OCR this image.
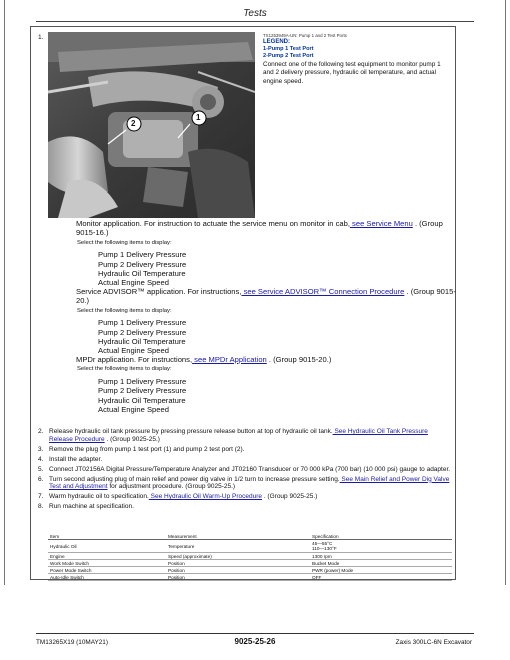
Tests
1.
2
1
TX1253949A-UN: Pump 1 and 2 Test Ports
LEGEND:
1-Pump 1 Test Port
2-Pump 2 Test Port
Connect one of the following test equipment to monitor pump 1 and 2 delivery pressure, hydraulic oil temperature, and actual engine speed.
Monitor application. For instruction to actuate the service menu on monitor in cab, see Service Menu . (Group 9015-16.)
Select the following items to display:
Pump 1 Delivery Pressure
Pump 2 Delivery Pressure
Hydraulic Oil Temperature
Actual Engine Speed
Service ADVISOR™ application. For instructions, see Service ADVISOR™ Connection Procedure . (Group 9015-20.)
Select the following items to display:
Pump 1 Delivery Pressure
Pump 2 Delivery Pressure
Hydraulic Oil Temperature
Actual Engine Speed
MPDr application. For instructions, see MPDr Application . (Group 9015-20.)
Select the following items to display:
Pump 1 Delivery Pressure
Pump 2 Delivery Pressure
Hydraulic Oil Temperature
Actual Engine Speed
2. Release hydraulic oil tank pressure by pressing pressure release button at top of hydraulic oil tank. See Hydraulic Oil Tank Pressure Release Procedure . (Group 9025-25.)
3. Remove the plug from pump 1 test port (1) and pump 2 test port (2).
4. Install the adapter.
5. Connect JT02156A Digital Pressure/Temperature Analyzer and JT02160 Transducer or 70 000 kPa (700 bar) (10 000 psi) gauge to adapter.
6. Turn second adjusting plug of main relief and power dig valve in 1/2 turn to increase pressure setting. See Main Relief and Power Dig Valve Test and Adjustment for adjustment procedure. (Group 9025-25.)
7. Warm hydraulic oil to specification. See Hydraulic Oil Warm-Up Procedure . (Group 9025-25.)
8. Run machine at specification.
Item	Measurement	Specification
Hydraulic Oil	Temperature	45—55°C
110—130°F
Engine	Speed (approximate)	1300 rpm
Work Mode Switch	Position	Bucket Mode
Power Mode Switch	Position	PWR (power) Mode
Auto-Idle Switch	Position	OFF
TM13265X19 (10MAY21)	9025-25-26	Zaxis 300LC-6N Excavator
